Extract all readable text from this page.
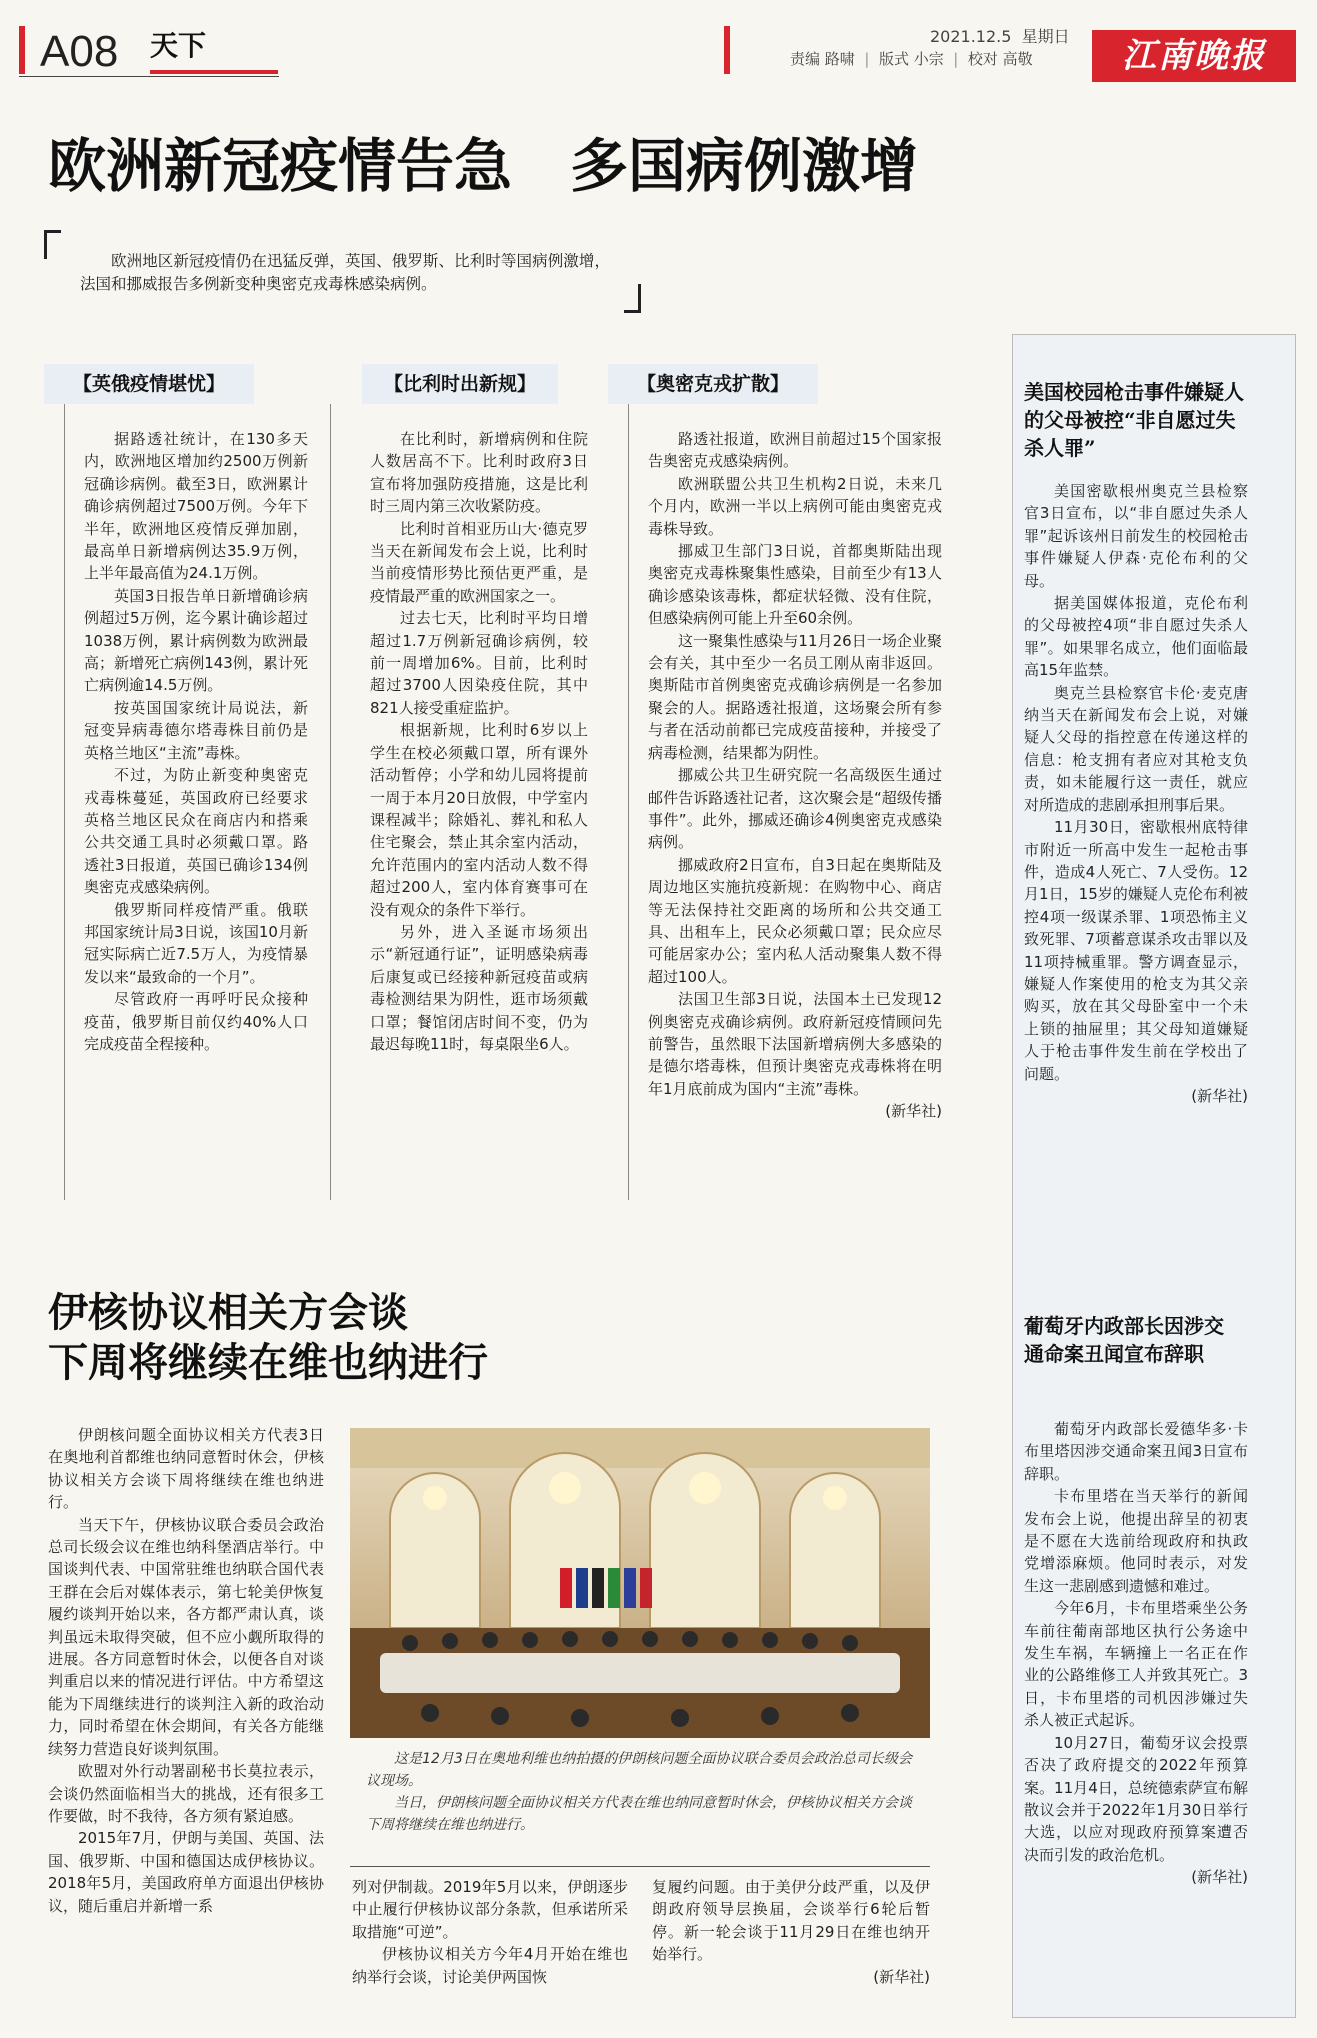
A08 天下	2021.12.5 星期日
责编 路啸  |  版式 小宗  |  校对 高敬	江南晚报
欧洲新冠疫情告急　多国病例激增
欧洲地区新冠疫情仍在迅猛反弹，英国、俄罗斯、比利时等国病例激增，法国和挪威报告多例新变种奥密克戎毒株感染病例。
【英俄疫情堪忧】	【比利时出新规】	【奥密克戎扩散】

据路透社统计，在130多天内，欧洲地区增加约2500万例新冠确诊病例。截至3日，欧洲累计确诊病例超过7500万例。今年下半年，欧洲地区疫情反弹加剧，最高单日新增病例达35.9万例，上半年最高值为24.1万例。

英国3日报告单日新增确诊病例超过5万例，迄今累计确诊超过1038万例，累计病例数为欧洲最高；新增死亡病例143例，累计死亡病例逾14.5万例。

按英国国家统计局说法，新冠变异病毒德尔塔毒株目前仍是英格兰地区“主流”毒株。

不过，为防止新变种奥密克戎毒株蔓延，英国政府已经要求英格兰地区民众在商店内和搭乘公共交通工具时必须戴口罩。路透社3日报道，英国已确诊134例奥密克戎感染病例。

俄罗斯同样疫情严重。俄联邦国家统计局3日说，该国10月新冠实际病亡近7.5万人，为疫情暴发以来“最致命的一个月”。

尽管政府一再呼吁民众接种疫苗，俄罗斯目前仅约40%人口完成疫苗全程接种。

在比利时，新增病例和住院人数居高不下。比利时政府3日宣布将加强防疫措施，这是比利时三周内第三次收紧防疫。

比利时首相亚历山大·德克罗当天在新闻发布会上说，比利时当前疫情形势比预估更严重，是疫情最严重的欧洲国家之一。

过去七天，比利时平均日增超过1.7万例新冠确诊病例，较前一周增加6%。目前，比利时超过3700人因染疫住院，其中821人接受重症监护。

根据新规，比利时6岁以上学生在校必须戴口罩，所有课外活动暂停；小学和幼儿园将提前一周于本月20日放假，中学室内课程减半；除婚礼、葬礼和私人住宅聚会，禁止其余室内活动，允许范围内的室内活动人数不得超过200人，室内体育赛事可在没有观众的条件下举行。

另外，进入圣诞市场须出示“新冠通行证”，证明感染病毒后康复或已经接种新冠疫苗或病毒检测结果为阴性，逛市场须戴口罩；餐馆闭店时间不变，仍为最迟每晚11时，每桌限坐6人。

路透社报道，欧洲目前超过15个国家报告奥密克戎感染病例。

欧洲联盟公共卫生机构2日说，未来几个月内，欧洲一半以上病例可能由奥密克戎毒株导致。

挪威卫生部门3日说，首都奥斯陆出现奥密克戎毒株聚集性感染，目前至少有13人确诊感染该毒株，都症状轻微、没有住院，但感染病例可能上升至60余例。

这一聚集性感染与11月26日一场企业聚会有关，其中至少一名员工刚从南非返回。奥斯陆市首例奥密克戎确诊病例是一名参加聚会的人。据路透社报道，这场聚会所有参与者在活动前都已完成疫苗接种，并接受了病毒检测，结果都为阴性。

挪威公共卫生研究院一名高级医生通过邮件告诉路透社记者，这次聚会是“超级传播事件”。此外，挪威还确诊4例奥密克戎感染病例。

挪威政府2日宣布，自3日起在奥斯陆及周边地区实施抗疫新规：在购物中心、商店等无法保持社交距离的场所和公共交通工具、出租车上，民众必须戴口罩；民众应尽可能居家办公；室内私人活动聚集人数不得超过100人。

法国卫生部3日说，法国本土已发现12例奥密克戎确诊病例。政府新冠疫情顾问先前警告，虽然眼下法国新增病例大多感染的是德尔塔毒株，但预计奥密克戎毒株将在明年1月底前成为国内“主流”毒株。

(新华社)

美国校园枪击事件嫌疑人的父母被控“非自愿过失杀人罪”

美国密歇根州奥克兰县检察官3日宣布，以“非自愿过失杀人罪”起诉该州日前发生的校园枪击事件嫌疑人伊森·克伦布利的父母。

据美国媒体报道，克伦布利的父母被控4项“非自愿过失杀人罪”。如果罪名成立，他们面临最高15年监禁。

奥克兰县检察官卡伦·麦克唐纳当天在新闻发布会上说，对嫌疑人父母的指控意在传递这样的信息：枪支拥有者应对其枪支负责，如未能履行这一责任，就应对所造成的悲剧承担刑事后果。

11月30日，密歇根州底特律市附近一所高中发生一起枪击事件，造成4人死亡、7人受伤。12月1日，15岁的嫌疑人克伦布利被控4项一级谋杀罪、1项恐怖主义致死罪、7项蓄意谋杀攻击罪以及11项持械重罪。警方调查显示，嫌疑人作案使用的枪支为其父亲购买，放在其父母卧室中一个未上锁的抽屉里；其父母知道嫌疑人于枪击事件发生前在学校出了问题。

(新华社)

葡萄牙内政部长因涉交通命案丑闻宣布辞职

葡萄牙内政部长爱德华多·卡布里塔因涉交通命案丑闻3日宣布辞职。

卡布里塔在当天举行的新闻发布会上说，他提出辞呈的初衷是不愿在大选前给现政府和执政党增添麻烦。他同时表示，对发生这一悲剧感到遗憾和难过。

今年6月，卡布里塔乘坐公务车前往葡南部地区执行公务途中发生车祸，车辆撞上一名正在作业的公路维修工人并致其死亡。3日，卡布里塔的司机因涉嫌过失杀人被正式起诉。

10月27日，葡萄牙议会投票否决了政府提交的2022年预算案。11月4日，总统德索萨宣布解散议会并于2022年1月30日举行大选，以应对现政府预算案遭否决而引发的政治危机。

(新华社)

伊核协议相关方会谈
下周将继续在维也纳进行

伊朗核问题全面协议相关方代表3日在奥地利首都维也纳同意暂时休会，伊核协议相关方会谈下周将继续在维也纳进行。

当天下午，伊核协议联合委员会政治总司长级会议在维也纳科堡酒店举行。中国谈判代表、中国常驻维也纳联合国代表王群在会后对媒体表示，第七轮美伊恢复履约谈判开始以来，各方都严肃认真，谈判虽远未取得突破，但不应小觑所取得的进展。各方同意暂时休会，以便各自对谈判重启以来的情况进行评估。中方希望这能为下周继续进行的谈判注入新的政治动力，同时希望在休会期间，有关各方能继续努力营造良好谈判氛围。

欧盟对外行动署副秘书长莫拉表示，会谈仍然面临相当大的挑战，还有很多工作要做，时不我待，各方须有紧迫感。

2015年7月，伊朗与美国、英国、法国、俄罗斯、中国和德国达成伊核协议。2018年5月，美国政府单方面退出伊核协议，随后重启并新增一系

这是12月3日在奥地利维也纳拍摄的伊朗核问题全面协议联合委员会政治总司长级会议现场。
当日，伊朗核问题全面协议相关方代表在维也纳同意暂时休会，伊核协议相关方会谈下周将继续在维也纳进行。

列对伊制裁。2019年5月以来，伊朗逐步中止履行伊核协议部分条款，但承诺所采取措施“可逆”。

伊核协议相关方今年4月开始在维也纳举行会谈，讨论美伊两国恢

复履约问题。由于美伊分歧严重，以及伊朗政府领导层换届，会谈举行6轮后暂停。新一轮会谈于11月29日在维也纳开始举行。

(新华社)
